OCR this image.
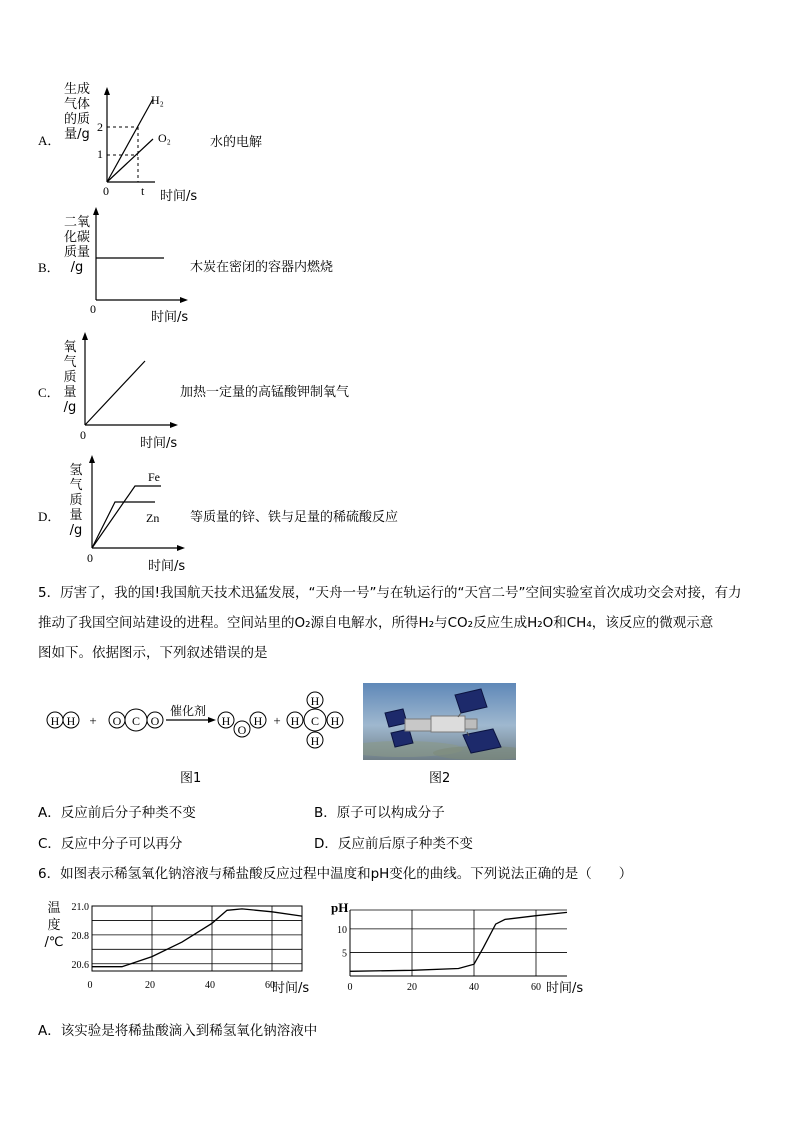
A．
生成
气体
的质
量/g
H₂
O₂
2
1
0	t 时间/s
水的电解
B．
二氧
化碳
质量
/g
0
时间/s
木炭在密闭的容器内燃烧
C．
氧
气
质
量
/g
0
时间/s
加热一定量的高锰酸钾制氧气
D．
氢
气
质
量
/g
Fe
Zn
0
时间/s
等质量的锌、铁与足量的稀硫酸反应
5．厉害了，我的国!我国航天技术迅猛发展，“天舟一号”与在轨运行的“天宫二号”空间实验室首次成功交会对接，有力
推动了我国空间站建设的进程。空间站里的O₂源自电解水，所得H₂与CO₂反应生成H₂O和CH₄，该反应的微观示意
图如下。依据图示，下列叙述错误的是
H H + O C O
催化剂
H
O
H + H C H
H
H
图1	图2
A．反应前后分子种类不变	B．原子可以构成分子
C．反应中分子可以再分	D．反应前后原子种类不变
6．如图表示稀氢氧化钠溶液与稀盐酸反应过程中温度和pH变化的曲线。下列说法正确的是（　　）
温
度
/℃
21.0
20.8
20.6
0	20	40	60
时间/s
10
5
0	20	40	60
pH
时间/s
A．该实验是将稀盐酸滴入到稀氢氧化钠溶液中
